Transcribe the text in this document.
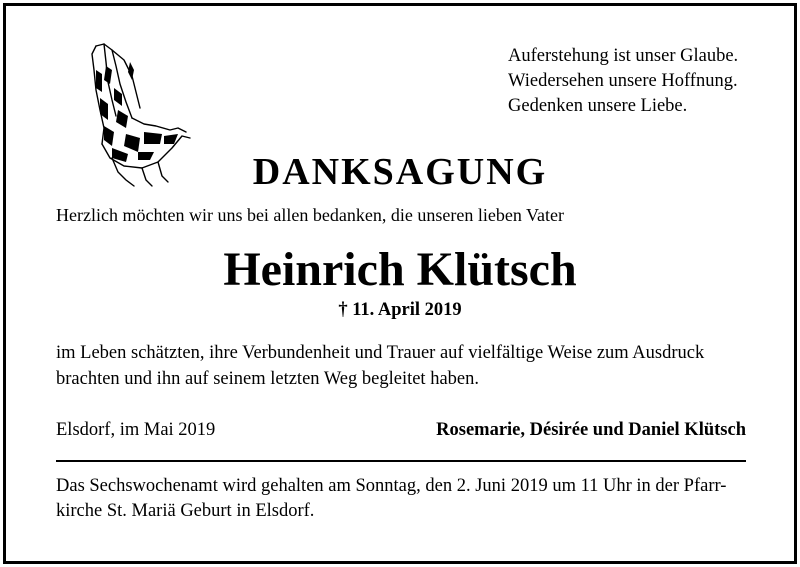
Auferstehung ist unser Glaube.
Wiedersehen unsere Hoffnung.
Gedenken unsere Liebe.
DANKSAGUNG
Herzlich möchten wir uns bei allen bedanken, die unseren lieben Vater
Heinrich Klütsch
† 11. April 2019
im Leben schätzten, ihre Verbundenheit und Trauer auf vielfältige Weise zum Ausdruck
brachten und ihn auf seinem letzten Weg begleitet haben.
Elsdorf, im Mai 2019	Rosemarie, Désirée und Daniel Klütsch
Das Sechswochenamt wird gehalten am Sonntag, den 2. Juni 2019 um 11 Uhr in der Pfarr-
kirche St. Mariä Geburt in Elsdorf.
